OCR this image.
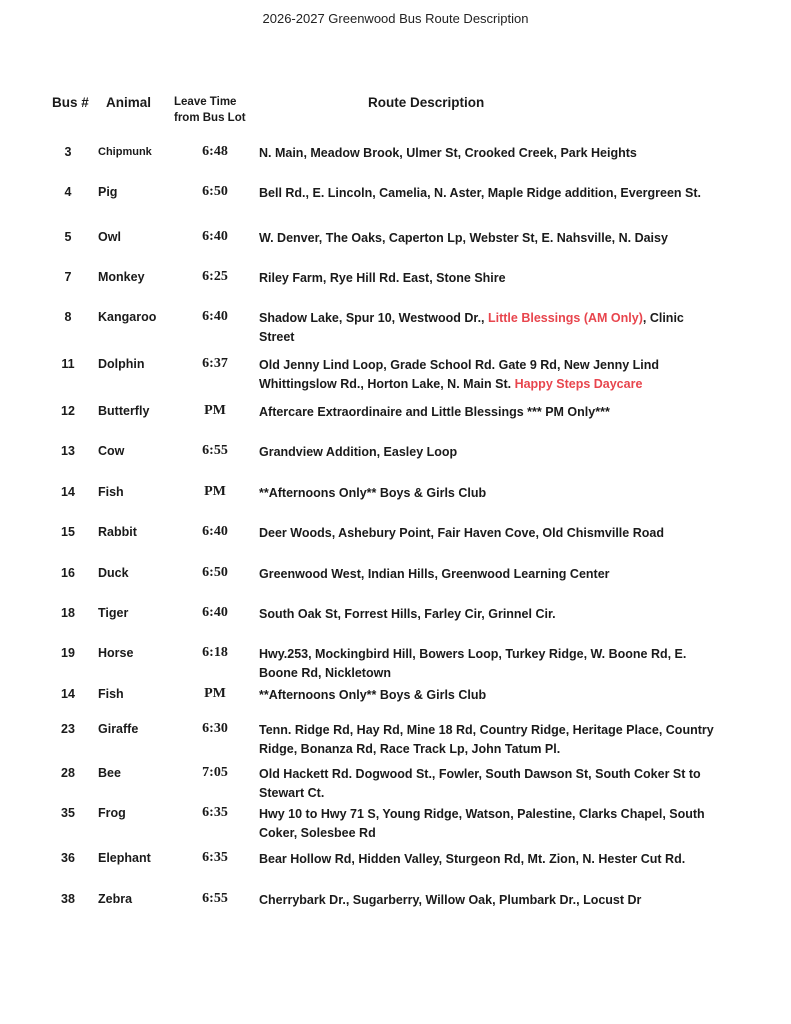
2026-2027 Greenwood Bus Route Description
Bus # Animal Leave Time
from Bus Lot
Route Description
3	Chipmunk	6:48 N. Main, Meadow Brook, Ulmer St, Crooked Creek, Park Heights
4	Pig	6:50 Bell Rd., E. Lincoln, Camelia, N. Aster, Maple Ridge addition, Evergreen St.
5	Owl	6:40 W. Denver, The Oaks, Caperton Lp, Webster St, E. Nahsville, N. Daisy
7	Monkey	6:25 Riley Farm, Rye Hill Rd. East, Stone Shire
8	Kangaroo	6:40 Shadow Lake, Spur 10, Westwood Dr., Little Blessings (AM Only), Clinic Street
11	Dolphin	6:37 Old Jenny Lind Loop, Grade School Rd. Gate 9 Rd, New Jenny Lind Whittingslow Rd., Horton Lake, N. Main St. Happy Steps Daycare
12	Butterfly	PM	Aftercare Extraordinaire and Little Blessings *** PM Only***
13	Cow	6:55 Grandview Addition, Easley Loop
14	Fish	PM	**Afternoons Only** Boys & Girls Club
15	Rabbit	6:40 Deer Woods, Ashebury Point, Fair Haven Cove, Old Chismville Road
16	Duck	6:50 Greenwood West, Indian Hills, Greenwood Learning Center
18	Tiger	6:40 South Oak St, Forrest Hills, Farley Cir, Grinnel Cir.
19	Horse	6:18 Hwy.253, Mockingbird Hill, Bowers Loop, Turkey Ridge, W. Boone Rd, E. Boone Rd, Nickletown
14	Fish	PM	**Afternoons Only** Boys & Girls Club
23	Giraffe	6:30 Tenn. Ridge Rd, Hay Rd, Mine 18 Rd, Country Ridge, Heritage Place, Country Ridge, Bonanza Rd, Race Track Lp, John Tatum Pl.
28	Bee	7:05 Old Hackett Rd. Dogwood St., Fowler, South Dawson St, South Coker St to Stewart Ct.
35	Frog	6:35 Hwy 10 to Hwy 71 S, Young Ridge, Watson, Palestine, Clarks Chapel, South Coker, Solesbee Rd
36	Elephant	6:35 Bear Hollow Rd, Hidden Valley, Sturgeon Rd, Mt. Zion, N. Hester Cut Rd.
38	Zebra	6:55 Cherrybark Dr., Sugarberry, Willow Oak, Plumbark Dr., Locust Dr
